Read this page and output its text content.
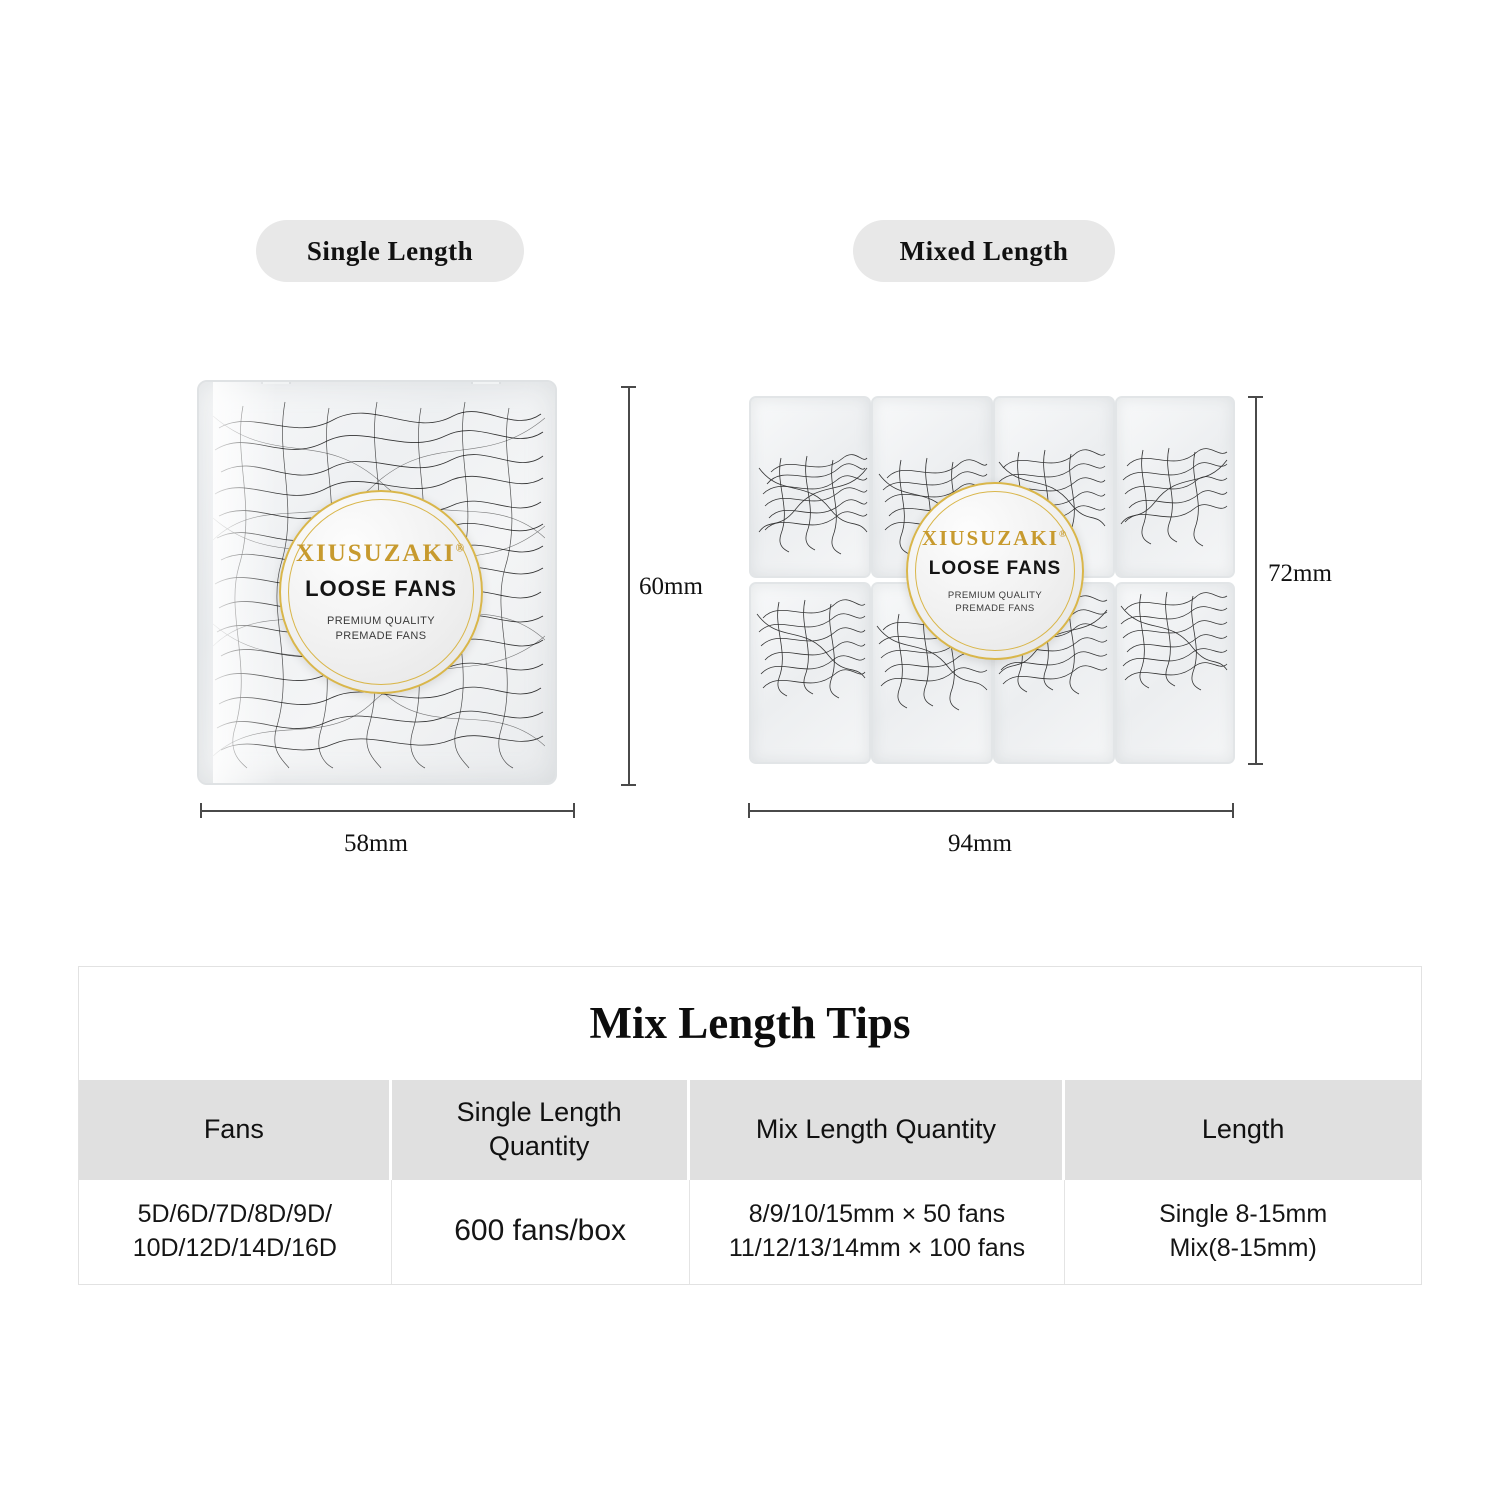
Single Length	Mixed Length
XIUSUZAKI®
LOOSE FANS
PREMIUM QUALITY
PREMADE FANS
60mm
58mm
XIUSUZAKI®
LOOSE FANS
PREMIUM QUALITY
PREMADE FANS
72mm
94mm
Mix Length Tips
Fans
Single Length
Quantity
Mix Length Quantity	Length
5D/6D/7D/8D/9D/
10D/12D/14D/16D
600 fans/box
8/9/10/15mm × 50 fans
11/12/13/14mm × 100 fans
Single 8-15mm
Mix(8-15mm)
